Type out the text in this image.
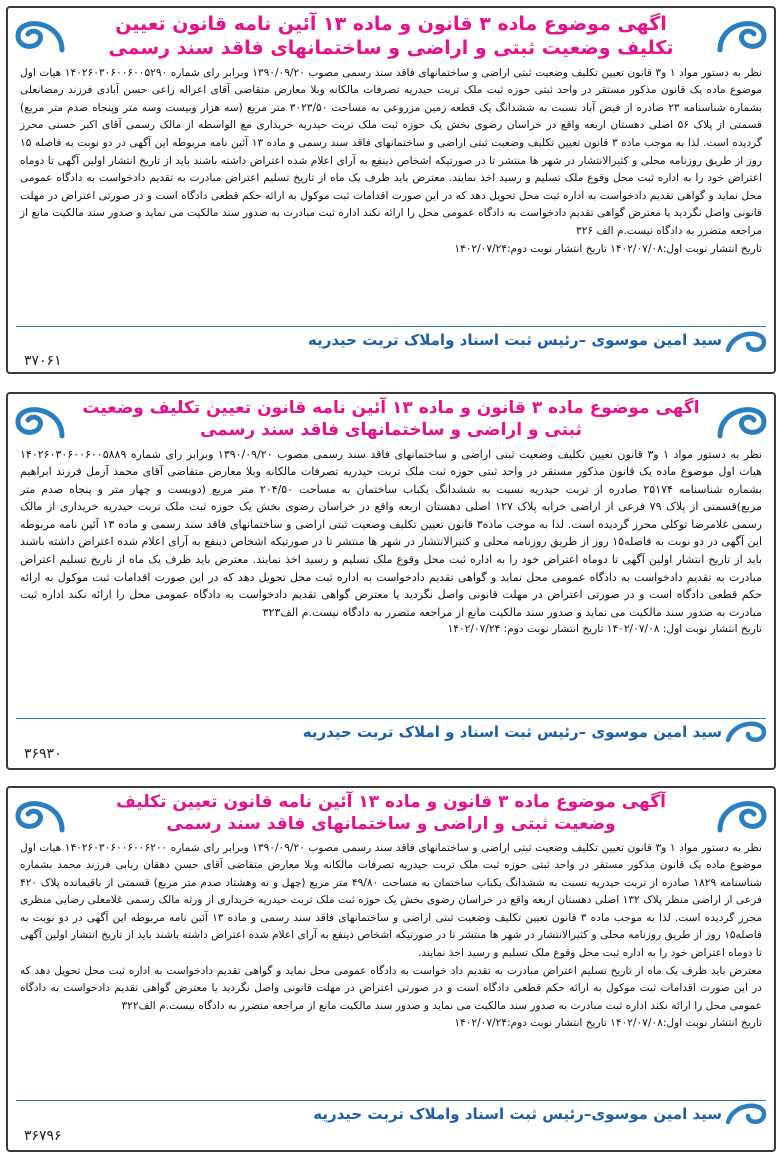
اگهی موضوع ماده ۳ قانون و ماده ۱۳ آئین نامه قانون تعیین تکلیف وضعیت ثبتی و اراضی و ساختمانهای فاقد سند رسمی

نظر به دستور مواد ۱ و۳ قانون تعیین تکلیف وضعیت ثبتی اراضی و ساختمانهای فاقد سند رسمی مصوب ۱۳۹۰/۰۹/۲۰ وبرابر رای شماره ۱۴۰۲۶۰۳۰۶۰۰۶۰۰۵۲۹۰ هیات اول موضوع ماده یک قانون مذکور مستقر در واحد ثبتی حوزه ثبت ملک تربت حیدریه تصرفات مالکانه وبلا معارض متقاضی آقای اعراله راعی حسن آبادی فرزند رمضانعلی بشماره شناسنامه ۲۳ صادره از فیض آباد نسبت به ششدانگ یک قطعه زمین مزروعی به مساحت ۳۰۲۳/۵۰ متر مربع (سه هزار وبیست وسه متر وپنجاه صدم متر مربع) قسمتی از پلاک ۵۶ اصلی دهستان اربعه واقع در خراسان رضوی بخش یک حوزه ثبت ملک تربت حیدریه خریداری مع الواسطه از مالک رسمی آقای اکبر حسنی محرز گردیده است. لذا به موجب ماده ۳ قانون تعیین تکلیف وضعیت ثبتی اراضی و ساختمانهای فاقد سند رسمی و ماده ۱۳ آئین نامه مربوطه این آگهی در دو نوبت به فاصله ۱۵ روز از طریق روزنامه محلی و کثیرالانتشار در شهر ها منتشر تا در صورتیکه اشخاص ذینفع به آرای اعلام شده اعتراض داشته باشند باید از تاریخ انتشار اولین آگهی تا دوماه اعتراض خود را به اداره ثبت محل وقوع ملک تسلیم و رسید اخذ نمایند. معترض باید ظرف یک ماه از تاریخ تسلیم اعتراض مبادرت به تقدیم دادخواست به دادگاه عمومی محل نماید و گواهی تقدیم دادخواست به اداره ثبت محل تحویل دهد که در این صورت اقدامات ثبت موکول به ارائه حکم قطعی دادگاه است و در صورتی اعتراض در مهلت قانونی واصل نگردید یا معترض گواهی تقدیم دادخواست به دادگاه عمومی محل را ارائه نکند اداره ثبت مبادرت به صدور سند مالکیت می نماید و صدور سند مالکیت مانع از مراجعه متضرر به دادگاه نیست.م الف ۳۲۶

تاریخ انتشار نوبت اول:۱۴۰۲/۰۷/۰۸ تاریخ انتشار نوبت دوم:۱۴۰۲/۰۷/۲۴
سید امین موسوی –رئیس ثبت اسناد واملاک تربت حیدریه
۳۷۰۶۱
اگهی موضوع ماده ۳ قانون و ماده ۱۳ آئین نامه قانون تعیین تکلیف وضعیت ثبتی و اراضی و ساختمانهای فاقد سند رسمی

نظر به دستور مواد ۱ و۳ قانون تعیین تکلیف وضعیت ثبتی اراضی و ساختمانهای فاقد سند رسمی مصوب ۱۳۹۰/۰۹/۲۰ وبرابر رای شماره ۱۴۰۲۶۰۳۰۶۰۰۶۰۰۵۸۸۹ هیات اول موضوع ماده یک قانون مذکور مستقر در واحد ثبتی حوزه ثبت ملک تربت حیدریه تصرفات مالکانه وبلا معارض متقاضی آقای محمد آزمل فرزند ابراهیم بشماره شناسنامه ۲۵۱۷۴ صادره از تربت حیدریه نسبت به ششدانگ یکباب ساختمان به مساحت ۲۰۴/۵۰ متر مربع (دویست و چهار متر و پنجاه صدم متر مربع)قسمتی از پلاک ۷۹ فرعی از اراضی خرابه پلاک ۱۲۷ اصلی دهستان اربعه واقع در خراسان رضوی بخش یک حوزه ثبت ملک تربت حیدریه خریداری از مالک رسمی غلامرضا توکلی محرز گردیده است. لذا به موجب ماده۳ قانون تعیین تکلیف وضعیت ثبتی اراضی و ساختمانهای فاقد سند رسمی و ماده ۱۳ آئین نامه مربوطه این آگهی در دو نوبت به فاصله۱۵ روز از طریق روزنامه محلی و کثیرالانتشار در شهر ها منتشر تا در صورتیکه اشخاص ذینفع به آرای اعلام شده اعتراض داشته باشند باید از تاریخ انتشار اولین آگهی تا دوماه اعتراض خود را به اداره ثبت محل وقوع ملک تسلیم و رسید اخذ نمایند. معترض باید ظرف یک ماه از تاریخ تسلیم اعتراض مبادرت به تقدیم دادخواست به دادگاه عمومی محل نماید و گواهی تقدیم دادخواست به اداره ثبت محل تحویل دهد که در این صورت اقدامات ثبت موکول به ارائه حکم قطعی دادگاه است و در صورتی اعتراض در مهلت قانونی واصل نگردید یا معترض گواهی تقدیم دادخواست به دادگاه عمومی محل را ارائه نکند اداره ثبت مبادرت به صدور سند مالکیت می نماید و صدور سند مالکیت مانع از مراجعه متضرر به دادگاه نیست.م الف۳۲۳

تاریخ انتشار نوبت اول: ۱۴۰۲/۰۷/۰۸ تاریخ انتشار نوبت دوم: ۱۴۰۲/۰۷/۲۴
سید امین موسوی –رئیس ثبت اسناد و املاک تربت حیدریه
۳۶۹۳۰
آگهی موضوع ماده ۳ قانون و ماده ۱۳ آئین نامه قانون تعیین تکلیف وضعیت ثبتی و اراضی و ساختمانهای فاقد سند رسمی

نظر به دستور مواد ۱ و۳ قانون تعیین تکلیف وضعیت ثبتی اراضی و ساختمانهای فاقد سند رسمی مصوب ۱۳۹۰/۰۹/۲۰ وبرابر رای شماره ۱۴۰۲۶۰۳۰۶۰۰۶۰۰۶۲۰۰ هیات اول موضوع ماده یک قانون مذکور مستقر در واحد ثبتی حوزه ثبت ملک تربت حیدریه تصرفات مالکانه وبلا معارض متقاضی آقای حسن دهقان ربابی فرزند محمد بشماره شناسنامه ۱۸۲۹ صادره از تربت حیدریه نسبت به ششدانگ یکباب ساختمان به مساحت ۴۹/۸۰ متر مربع (چهل و نه وهشتاد صدم متر مربع) قسمتی از باقیمانده پلاک ۴۲۰ فرعی از اراضی منظر پلاک ۱۳۲ اصلی دهستان اربعه واقع در خراسان رضوی بخش یک حوزه ثبت ملک تربت حیدریه خریداری از ورثه مالک رسمی غلامعلی رضایی منظری محرز گردیده است. لذا به موجب ماده ۳ قانون تعیین تکلیف وضعیت ثبتی اراضی و ساختمانهای فاقد سند رسمی و ماده ۱۳ آئین نامه مربوطه این آگهی در دو نوبت به فاصله۱۵ روز از طریق روزنامه محلی و کثیرالانتشار در شهر ها منتشر تا در صورتیکه اشخاص ذینفع به آرای اعلام شده اعتراض داشته باشند باید از تاریخ انتشار اولین آگهی تا دوماه اعتراض خود را به اداره ثبت محل وقوع ملک تسلیم و رسید اخذ نمایند.

معترض باید ظرف یک ماه از تاریخ تسلیم اعتراض مبادرت به تقدیم داد خواست به دادگاه عمومی محل نماید و گواهی تقدیم دادخواست به اداره ثبت محل تحویل دهد که در این صورت اقدامات ثبت موکول به ارائه حکم قطعی دادگاه است و در صورتی اعتراض در مهلت قانونی واصل نگردید یا معترض گواهی تقدیم دادخواست به دادگاه عمومی محل را ارائه نکند اداره ثبت مبادرت به صدور سند مالکیت می نماید و صدور سند مالکیت مانع از مراجعه متضرر به دادگاه نیست.م الف۳۲۲

تاریخ انتشار نوبت اول:۱۴۰۲/۰۷/۰۸ تاریخ انتشار نوبت دوم:۱۴۰۲/۰۷/۲۴
سید امین موسوی–رئیس ثبت اسناد واملاک تربت حیدریه
۳۶۷۹۶
